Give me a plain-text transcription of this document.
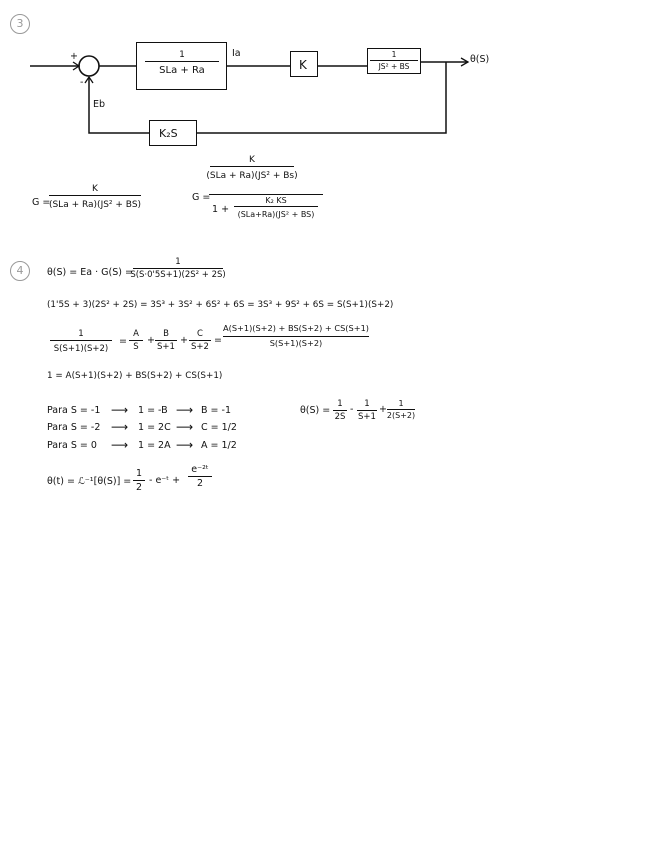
3
+
-
1
SLa + Ra
Ia
K
1
JS² + BS
θ(S)
Eb
K₂S
G =
K
(SLa + Ra)(JS² + BS)
G =
K
(SLa + Ra)(JS² + Bs)
1 +
K₂ KS
(SLa+Ra)(JS² + BS)
4	θ(S) = Ea · G(S) =
1
S(S·0'5S+1)(2S² + 2S)
(1'5S + 3)(2S² + 2S) = 3S³ + 3S² + 6S² + 6S = 3S³ + 9S² + 6S = S(S+1)(S+2)
1
S(S+1)(S+2)
=
A
S
+
B
S+1
+
C
S+2
=
A(S+1)(S+2) + BS(S+2) + CS(S+1)
S(S+1)(S+2)
1 = A(S+1)(S+2) + BS(S+2) + CS(S+1)
Para S = -1 ⟶ 1 = -B ⟶ B = -1
Para S = -2 ⟶ 1 = 2C ⟶ C = 1/2
Para S = 0 ⟶ 1 = 2A ⟶ A = 1/2
θ(S) =
1
2S
- 1
S+1
+
1
2(S+2)
θ(t) = ℒ⁻¹[θ(S)] =
1
2
- e⁻ᵗ +
e⁻²ᵗ
2
